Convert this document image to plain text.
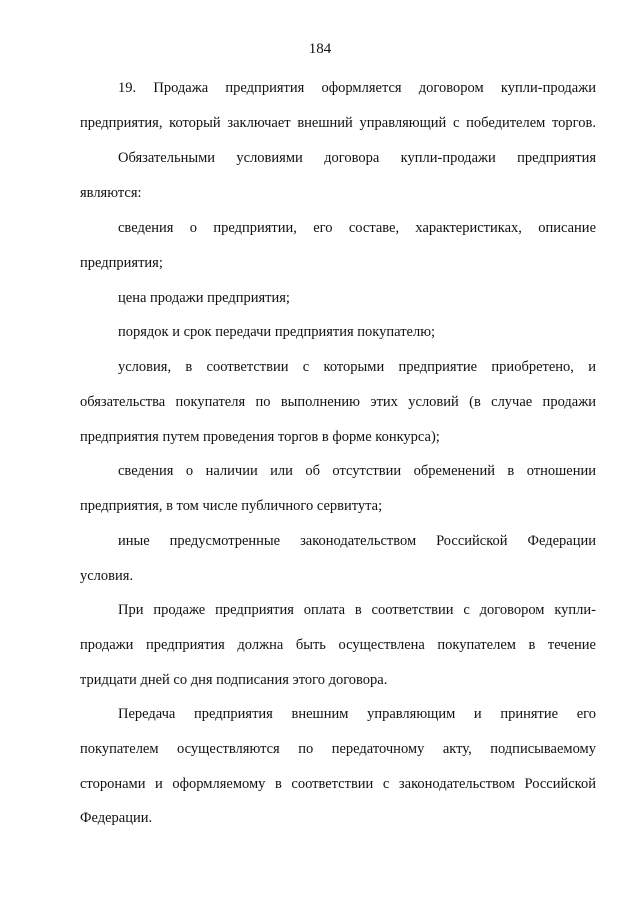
184
19. Продажа предприятия оформляется договором купли-продажи
предприятия, который заключает внешний управляющий с победителем торгов.
Обязательными условиями договора купли-продажи предприятия
являются:
сведения о предприятии, его составе, характеристиках, описание
предприятия;
цена продажи предприятия;
порядок и срок передачи предприятия покупателю;
условия, в соответствии с которыми предприятие приобретено, и
обязательства покупателя по выполнению этих условий (в случае продажи
предприятия путем проведения торгов в форме конкурса);
сведения о наличии или об отсутствии обременений в отношении
предприятия, в том числе публичного сервитута;
иные предусмотренные законодательством Российской Федерации
условия.
При продаже предприятия оплата в соответствии с договором купли-
продажи предприятия должна быть осуществлена покупателем в течение
тридцати дней со дня подписания этого договора.
Передача предприятия внешним управляющим и принятие его
покупателем осуществляются по передаточному акту, подписываемому
сторонами и оформляемому в соответствии с законодательством Российской
Федерации.
